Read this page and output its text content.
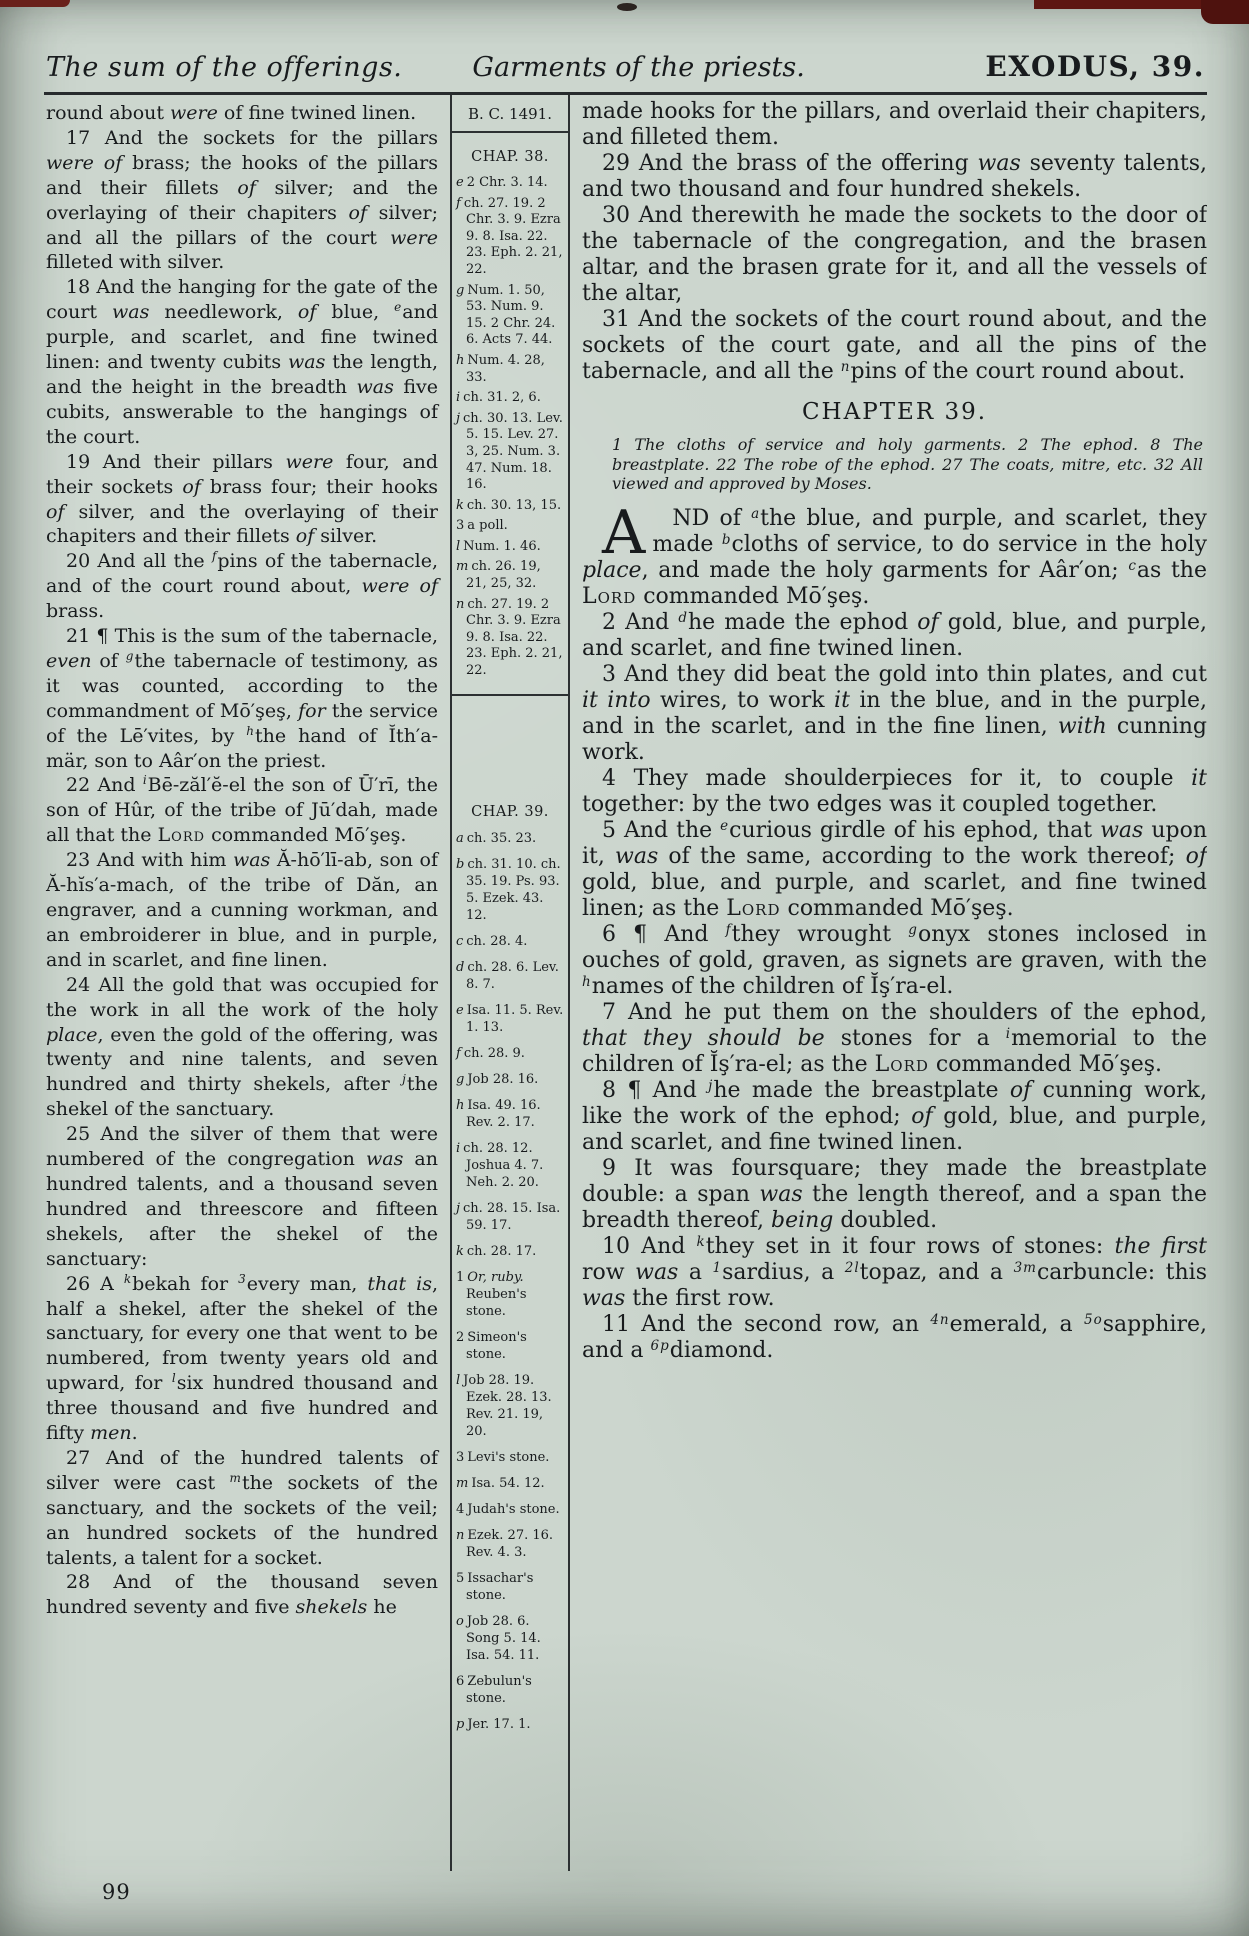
The sum of the offerings.	Garments of the priests.	EXODUS, 39.

round about were of fine twined linen.

17 And the sockets for the pillars were of brass; the hooks of the pillars and their fillets of silver; and the overlaying of their chapiters of silver; and all the pillars of the court were filleted with silver.

18 And the hanging for the gate of the court was needlework, of blue, $^e$and purple, and scarlet, and fine twined linen: and twenty cubits was the length, and the height in the breadth was five cubits, answerable to the hangings of the court.

19 And their pillars were four, and their sockets of brass four; their hooks of silver, and the overlaying of their chapiters and their fillets of silver.

20 And all the $^f$pins of the tabernacle, and of the court round about, were of brass.

21 ¶ This is the sum of the tabernacle, even of $^g$the tabernacle of testimony, as it was counted, according to the commandment of Mō′şeş, for the service of the Lē′vites, by $^h$the hand of Ĭth′a-mär, son to Aâr′on the priest.

22 And $^i$Bē-zăl′ĕ-el the son of Ū′rī, the son of Hûr, of the tribe of Jū′dah, made all that the Lord commanded Mō′şeş.

23 And with him was Ă-hō′lī-ab, son of Ă-hĭs′a-mach, of the tribe of Dăn, an engraver, and a cunning workman, and an embroiderer in blue, and in purple, and in scarlet, and fine linen.

24 All the gold that was occupied for the work in all the work of the holy place, even the gold of the offering, was twenty and nine talents, and seven hundred and thirty shekels, after $^j$the shekel of the sanctuary.

25 And the silver of them that were numbered of the congregation was an hundred talents, and a thousand seven hundred and threescore and fifteen shekels, after the shekel of the sanctuary:

26 A $^k$bekah for $^3$every man, that is, half a shekel, after the shekel of the sanctuary, for every one that went to be numbered, from twenty years old and upward, for $^l$six hundred thousand and three thousand and five hundred and fifty men.

27 And of the hundred talents of silver were cast $^m$the sockets of the sanctuary, and the sockets of the veil; an hundred sockets of the hundred talents, a talent for a socket.

28 And of the thousand seven hundred seventy and five shekels he

B. C. 1491.
CHAP. 38.
e 2 Chr. 3. 14.
f ch. 27. 19. 2 Chr. 3. 9. Ezra 9. 8. Isa. 22. 23. Eph. 2. 21, 22.
g Num. 1. 50, 53. Num. 9. 15. 2 Chr. 24. 6. Acts 7. 44.
h Num. 4. 28, 33.
i ch. 31. 2, 6.
j ch. 30. 13. Lev. 5. 15. Lev. 27. 3, 25. Num. 3. 47. Num. 18. 16.
k ch. 30. 13, 15.
3 a poll.
l Num. 1. 46.
m ch. 26. 19, 21, 25, 32.
n ch. 27. 19. 2 Chr. 3. 9. Ezra 9. 8. Isa. 22. 23. Eph. 2. 21, 22.
CHAP. 39.
a ch. 35. 23.
b ch. 31. 10. ch. 35. 19. Ps. 93. 5. Ezek. 43. 12.
c ch. 28. 4.
d ch. 28. 6. Lev. 8. 7.
e Isa. 11. 5. Rev. 1. 13.
f ch. 28. 9.
g Job 28. 16.
h Isa. 49. 16. Rev. 2. 17.
i ch. 28. 12. Joshua 4. 7. Neh. 2. 20.
j ch. 28. 15. Isa. 59. 17.
k ch. 28. 17.
1 Or, ruby. Reuben's stone.
2 Simeon's stone.
l Job 28. 19. Ezek. 28. 13. Rev. 21. 19, 20.
3 Levi's stone.
m Isa. 54. 12.
4 Judah's stone.
n Ezek. 27. 16. Rev. 4. 3.
5 Issachar's stone.
o Job 28. 6. Song 5. 14. Isa. 54. 11.
6 Zebulun's stone.
p Jer. 17. 1.

made hooks for the pillars, and overlaid their chapiters, and filleted them.

29 And the brass of the offering was seventy talents, and two thousand and four hundred shekels.

30 And therewith he made the sockets to the door of the tabernacle of the congregation, and the brasen altar, and the brasen grate for it, and all the vessels of the altar,

31 And the sockets of the court round about, and the sockets of the court gate, and all the pins of the tabernacle, and all the $^n$pins of the court round about.

CHAPTER 39.

1 The cloths of service and holy garments. 2 The ephod. 8 The breastplate. 22 The robe of the ephod. 27 The coats, mitre, etc. 32 All viewed and approved by Moses.

A	ND of $^a$the blue, and purple, and scarlet, they made $^b$cloths of service, to do service in the holy place, and made the holy garments for Aâr′on; $^c$as the Lord commanded Mō′şeş.

2 And $^d$he made the ephod of gold, blue, and purple, and scarlet, and fine twined linen.

3 And they did beat the gold into thin plates, and cut it into wires, to work it in the blue, and in the purple, and in the scarlet, and in the fine linen, with cunning work.

4 They made shoulderpieces for it, to couple it together: by the two edges was it coupled together.

5 And the $^e$curious girdle of his ephod, that was upon it, was of the same, according to the work thereof; of gold, blue, and purple, and scarlet, and fine twined linen; as the Lord commanded Mō′şeş.

6 ¶ And $^f$they wrought $^g$onyx stones inclosed in ouches of gold, graven, as signets are graven, with the $^h$names of the children of Ĭş′ra-el.

7 And he put them on the shoulders of the ephod, that they should be stones for a $^i$memorial to the children of Ĭş′ra-el; as the Lord commanded Mō′şeş.

8 ¶ And $^j$he made the breastplate of cunning work, like the work of the ephod; of gold, blue, and purple, and scarlet, and fine twined linen.

9 It was foursquare; they made the breastplate double: a span was the length thereof, and a span the breadth thereof, being doubled.

10 And $^k$they set in it four rows of stones: the first row was a $^1$sardius, a $^{2l}$topaz, and a $^{3m}$carbuncle: this was the first row.

11 And the second row, an $^{4n}$emerald, a $^{5o}$sapphire, and a $^{6p}$diamond.

99
